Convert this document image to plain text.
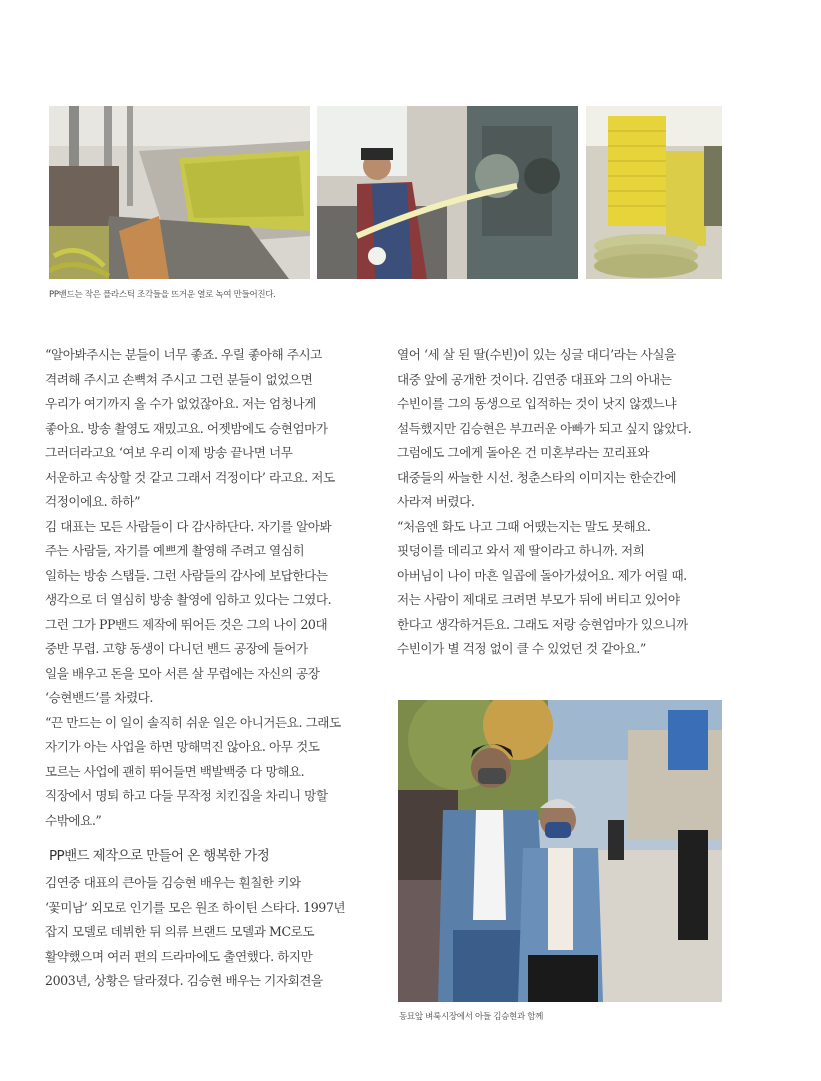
PP밴드는 작은 플라스틱 조각들을 뜨거운 열로 녹여 만들어진다.

“알아봐주시는 분들이 너무 좋죠. 우릴 좋아해 주시고

격려해 주시고 손뼉쳐 주시고 그런 분들이 없었으면

우리가 여기까지 올 수가 없었잖아요. 저는 엄청나게

좋아요. 방송 촬영도 재밌고요. 어젯밤에도 승현엄마가

그러더라고요 ‘여보 우리 이제 방송 끝나면 너무

서운하고 속상할 것 같고 그래서 걱정이다’ 라고요. 저도

걱정이에요. 하하”

김 대표는 모든 사람들이 다 감사하단다. 자기를 알아봐

주는 사람들, 자기를 예쁘게 촬영해 주려고 열심히

일하는 방송 스탭들. 그런 사람들의 감사에 보답한다는

생각으로 더 열심히 방송 촬영에 임하고 있다는 그였다.

그런 그가 PP밴드 제작에 뛰어든 것은 그의 나이 20대

중반 무렵. 고향 동생이 다니던 밴드 공장에 들어가

일을 배우고 돈을 모아 서른 살 무렵에는 자신의 공장

‘승현밴드’를 차렸다.

“끈 만드는 이 일이 솔직히 쉬운 일은 아니거든요. 그래도

자기가 아는 사업을 하면 망해먹진 않아요. 아무 것도

모르는 사업에 괜히 뛰어들면 백발백중 다 망해요.

직장에서 명퇴 하고 다들 무작정 치킨집을 차리니 망할

수밖에요.”

PP밴드 제작으로 만들어 온 행복한 가정

김연중 대표의 큰아들 김승현 배우는 훤칠한 키와

‘꽃미남’ 외모로 인기를 모은 원조 하이틴 스타다. 1997년

잡지 모델로 데뷔한 뒤 의류 브랜드 모델과 MC로도

활약했으며 여러 편의 드라마에도 출연했다. 하지만

2003년, 상황은 달라졌다. 김승현 배우는 기자회견을

열어 ‘세 살 된 딸(수빈)이 있는 싱글 대디’라는 사실을

대중 앞에 공개한 것이다. 김연중 대표와 그의 아내는

수빈이를 그의 동생으로 입적하는 것이 낫지 않겠느냐

설득했지만 김승현은 부끄러운 아빠가 되고 싶지 않았다.

그럼에도 그에게 돌아온 건 미혼부라는 꼬리표와

대중들의 싸늘한 시선. 청춘스타의 이미지는 한순간에

사라져 버렸다.

“처음엔 화도 나고 그때 어땠는지는 말도 못해요.

핏덩이를 데리고 와서 제 딸이라고 하니까. 저희

아버님이 나이 마흔 일곱에 돌아가셨어요. 제가 어릴 때.

저는 사람이 제대로 크려면 부모가 뒤에 버티고 있어야

한다고 생각하거든요. 그래도 저랑 승현엄마가 있으니까

수빈이가 별 걱정 없이 클 수 있었던 것 같아요.”

동묘앞 벼룩시장에서 아들 김승현과 함께
